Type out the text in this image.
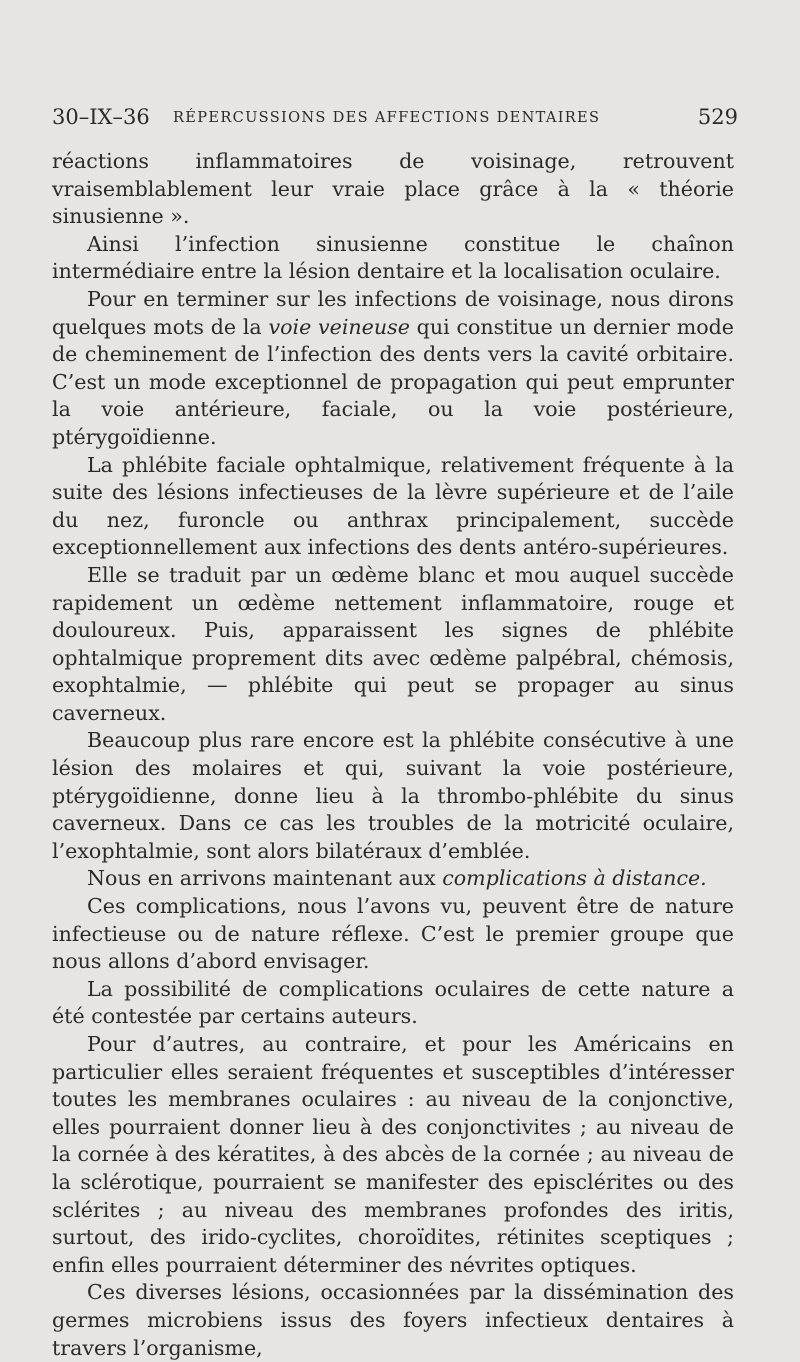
30–IX–36 RÉPERCUSSIONS DES AFFECTIONS DENTAIRES	529

réactions inflammatoires de voisinage, retrouvent vraisemblablement leur vraie place grâce à la « théorie sinusienne ».

Ainsi l’infection sinusienne constitue le chaînon intermédiaire entre la lésion dentaire et la localisation oculaire.

Pour en terminer sur les infections de voisinage, nous dirons quelques mots de la voie veineuse qui constitue un dernier mode de cheminement de l’infection des dents vers la cavité orbitaire. C’est un mode exceptionnel de propagation qui peut emprunter la voie antérieure, faciale, ou la voie postérieure, ptérygoïdienne.

La phlébite faciale ophtalmique, relativement fréquente à la suite des lésions infectieuses de la lèvre supérieure et de l’aile du nez, furoncle ou anthrax principalement, succède exceptionnellement aux infections des dents antéro-supérieures.

Elle se traduit par un œdème blanc et mou auquel succède rapidement un œdème nettement inflammatoire, rouge et douloureux. Puis, apparaissent les signes de phlébite ophtalmique proprement dits avec œdème palpébral, chémosis, exophtalmie, — phlébite qui peut se propager au sinus caverneux.

Beaucoup plus rare encore est la phlébite consécutive à une lésion des molaires et qui, suivant la voie postérieure, ptérygoïdienne, donne lieu à la thrombo-phlébite du sinus caverneux. Dans ce cas les troubles de la motricité oculaire, l’exophtalmie, sont alors bilatéraux d’emblée.

Nous en arrivons maintenant aux complications à distance.

Ces complications, nous l’avons vu, peuvent être de nature infectieuse ou de nature réflexe. C’est le premier groupe que nous allons d’abord envisager.

La possibilité de complications oculaires de cette nature a été contestée par certains auteurs.

Pour d’autres, au contraire, et pour les Américains en particulier elles seraient fréquentes et susceptibles d’intéresser toutes les membranes oculaires : au niveau de la conjonctive, elles pourraient donner lieu à des conjonctivites ; au niveau de la cornée à des kératites, à des abcès de la cornée ; au niveau de la sclérotique, pourraient se manifester des episclérites ou des sclérites ; au niveau des membranes profondes des iritis, surtout, des irido-cyclites, choroïdites, rétinites sceptiques ; enfin elles pourraient déterminer des névrites optiques.

Ces diverses lésions, occasionnées par la dissémination des germes microbiens issus des foyers infectieux dentaires à travers l’organisme,
